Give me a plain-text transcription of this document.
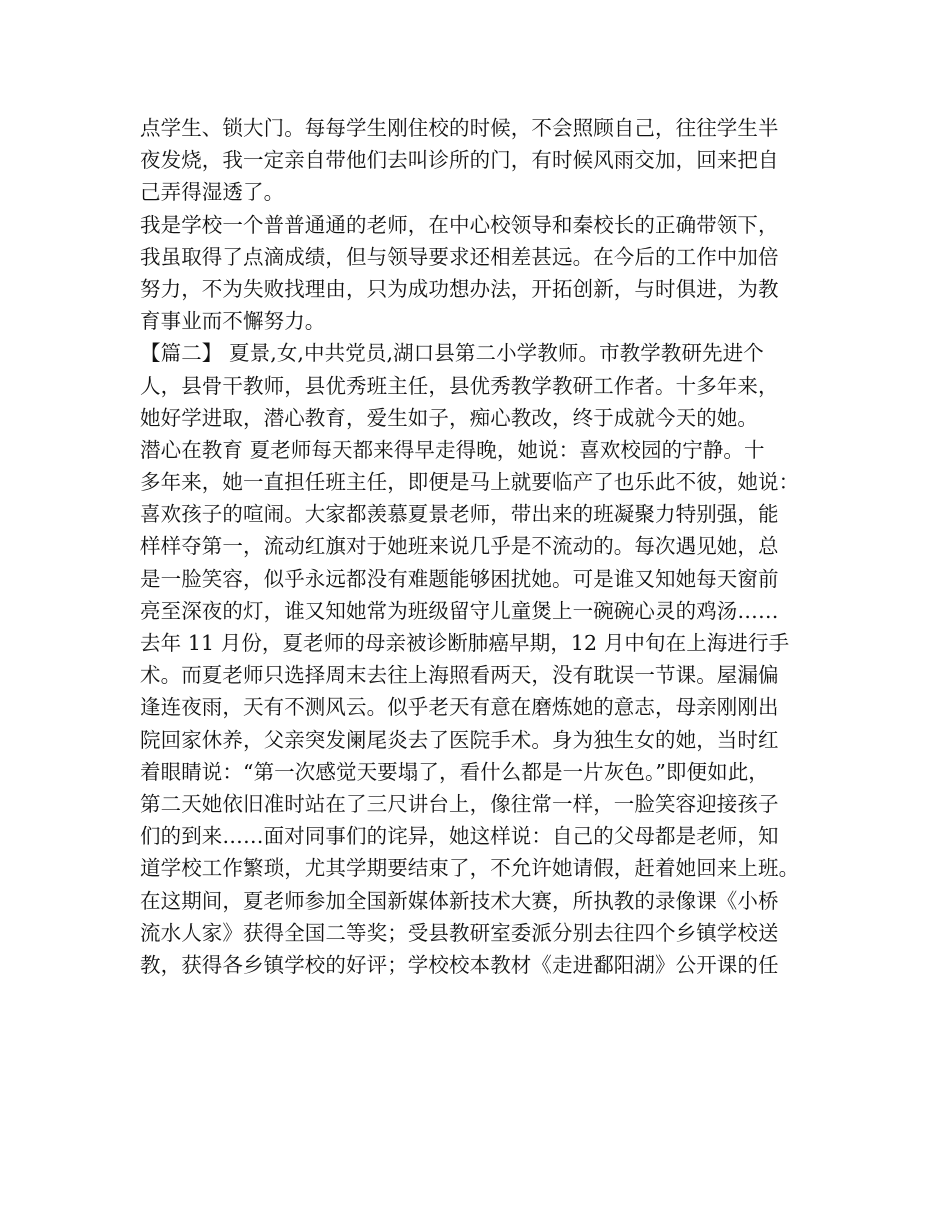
点学生、锁大门。每每学生刚住校的时候，不会照顾自己，往往学生半
夜发烧，我一定亲自带他们去叫诊所的门，有时候风雨交加，回来把自
己弄得湿透了。
我是学校一个普普通通的老师，在中心校领导和秦校长的正确带领下，
我虽取得了点滴成绩，但与领导要求还相差甚远。在今后的工作中加倍
努力，不为失败找理由，只为成功想办法，开拓创新，与时俱进，为教
育事业而不懈努力。
【篇二】 夏景,女,中共党员,湖口县第二小学教师。市教学教研先进个
人，县骨干教师，县优秀班主任，县优秀教学教研工作者。十多年来，
她好学进取，潜心教育，爱生如子，痴心教改，终于成就今天的她。
潜心在教育 夏老师每天都来得早走得晚，她说：喜欢校园的宁静。十
多年来，她一直担任班主任，即便是马上就要临产了也乐此不彼，她说：
喜欢孩子的喧闹。大家都羡慕夏景老师，带出来的班凝聚力特别强，能
样样夺第一，流动红旗对于她班来说几乎是不流动的。每次遇见她，总
是一脸笑容，似乎永远都没有难题能够困扰她。可是谁又知她每天窗前
亮至深夜的灯，谁又知她常为班级留守儿童煲上一碗碗心灵的鸡汤……
去年 11 月份，夏老师的母亲被诊断肺癌早期，12 月中旬在上海进行手
术。而夏老师只选择周末去往上海照看两天，没有耽误一节课。屋漏偏
逢连夜雨，天有不测风云。似乎老天有意在磨炼她的意志，母亲刚刚出
院回家休养，父亲突发阑尾炎去了医院手术。身为独生女的她，当时红
着眼睛说：“第一次感觉天要塌了，看什么都是一片灰色。”即便如此，
第二天她依旧准时站在了三尺讲台上，像往常一样，一脸笑容迎接孩子
们的到来……面对同事们的诧异，她这样说：自己的父母都是老师，知
道学校工作繁琐，尤其学期要结束了，不允许她请假，赶着她回来上班。
在这期间，夏老师参加全国新媒体新技术大赛，所执教的录像课《小桥
流水人家》获得全国二等奖；受县教研室委派分别去往四个乡镇学校送
教，获得各乡镇学校的好评；学校校本教材《走进鄱阳湖》公开课的任
